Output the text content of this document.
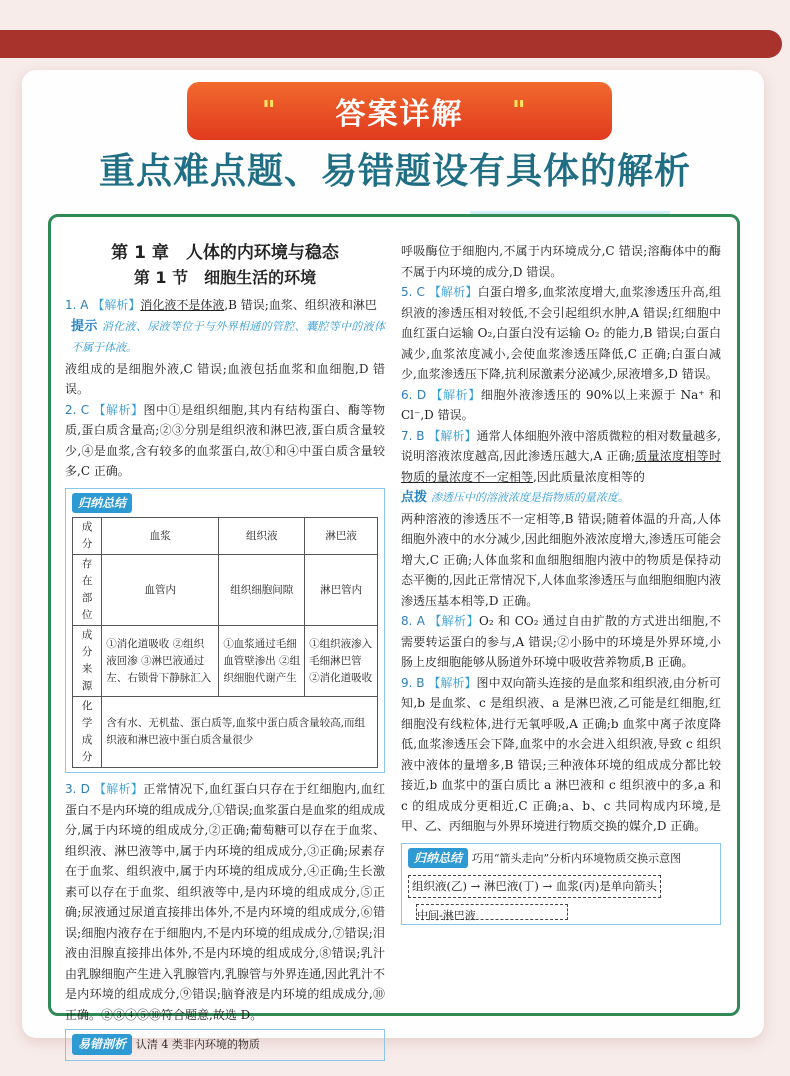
答案详解
"	"
重点难点题、易错题设有具体的解析
第 1 章　人体的内环境与稳态
第 1 节　细胞生活的环境

1. A 【解析】消化液不是体液,B 错误;血浆、组织液和淋巴

提示 消化液、尿液等位于与外界相通的管腔、囊腔等中的液体不属于体液。

液组成的是细胞外液,C 错误;血液包括血浆和血细胞,D 错误。

2. C 【解析】图中①是组织细胞,其内有结构蛋白、酶等物质,蛋白质含量高;②③分别是组织液和淋巴液,蛋白质含量较少,④是血浆,含有较多的血浆蛋白,故①和④中蛋白质含量较多,C 正确。

归纳总结
成分	血浆	组织液	淋巴液
存在部位	血管内	组织细胞间隙	淋巴管内
成分来源	①消化道吸收 ②组织液回渗 ③淋巴液通过左、右锁骨下静脉汇入	①血浆通过毛细血管壁渗出 ②组织细胞代谢产生	①组织液渗入毛细淋巴管 ②消化道吸收
化学成分	含有水、无机盐、蛋白质等,血浆中蛋白质含量较高,而组织液和淋巴液中蛋白质含量很少		

3. D 【解析】正常情况下,血红蛋白只存在于红细胞内,血红蛋白不是内环境的组成成分,①错误;血浆蛋白是血浆的组成成分,属于内环境的组成成分,②正确;葡萄糖可以存在于血浆、组织液、淋巴液等中,属于内环境的组成成分,③正确;尿素存在于血浆、组织液中,属于内环境的组成成分,④正确;生长激素可以存在于血浆、组织液等中,是内环境的组成成分,⑤正确;尿液通过尿道直接排出体外,不是内环境的组成成分,⑥错误;细胞内液存在于细胞内,不是内环境的组成成分,⑦错误;泪液由泪腺直接排出体外,不是内环境的组成成分,⑧错误;乳汁由乳腺细胞产生进入乳腺管内,乳腺管与外界连通,因此乳汁不是内环境的组成成分,⑨错误;脑脊液是内环境的组成成分,⑩正确。②③④⑤⑩符合题意,故选 D。

易错剖析 认清 4 类非内环境的物质

呼吸酶位于细胞内,不属于内环境成分,C 错误;溶酶体中的酶不属于内环境的成分,D 错误。

5. C 【解析】白蛋白增多,血浆浓度增大,血浆渗透压升高,组织液的渗透压相对较低,不会引起组织水肿,A 错误;红细胞中血红蛋白运输 O₂,白蛋白没有运输 O₂ 的能力,B 错误;白蛋白减少,血浆浓度减小,会使血浆渗透压降低,C 正确;白蛋白减少,血浆渗透压下降,抗利尿激素分泌减少,尿液增多,D 错误。

6. D 【解析】细胞外液渗透压的 90%以上来源于 Na⁺ 和 Cl⁻,D 错误。

7. B 【解析】通常人体细胞外液中溶质微粒的相对数量越多,说明溶液浓度越高,因此渗透压越大,A 正确;质量浓度相等时物质的量浓度不一定相等,因此质量浓度相等的

点拨 渗透压中的溶液浓度是指物质的量浓度。

两种溶液的渗透压不一定相等,B 错误;随着体温的升高,人体细胞外液中的水分减少,因此细胞外液浓度增大,渗透压可能会增大,C 正确;人体血浆和血细胞细胞内液中的物质是保持动态平衡的,因此正常情况下,人体血浆渗透压与血细胞细胞内液渗透压基本相等,D 正确。

8. A 【解析】O₂ 和 CO₂ 通过自由扩散的方式进出细胞,不需要转运蛋白的参与,A 错误;②小肠中的环境是外界环境,小肠上皮细胞能够从肠道外环境中吸收营养物质,B 正确。

9. B 【解析】图中双向箭头连接的是血浆和组织液,由分析可知,b 是血浆、c 是组织液、a 是淋巴液,乙可能是红细胞,红细胞没有线粒体,进行无氧呼吸,A 正确;b 血浆中离子浓度降低,血浆渗透压会下降,血浆中的水会进入组织液,导致 c 组织液中液体的量增多,B 错误;三种液体环境的组成成分都比较接近,b 血浆中的蛋白质比 a 淋巴液和 c 组织液中的多,a 和 c 的组成成分更相近,C 正确;a、b、c 共同构成内环境,是甲、乙、丙细胞与外界环境进行物质交换的媒介,D 正确。

归纳总结 巧用“箭头走向”分析内环境物质交换示意图
组织液(乙) → 淋巴液(丁) → 血浆(丙)是单向箭头
中间-淋巴液
